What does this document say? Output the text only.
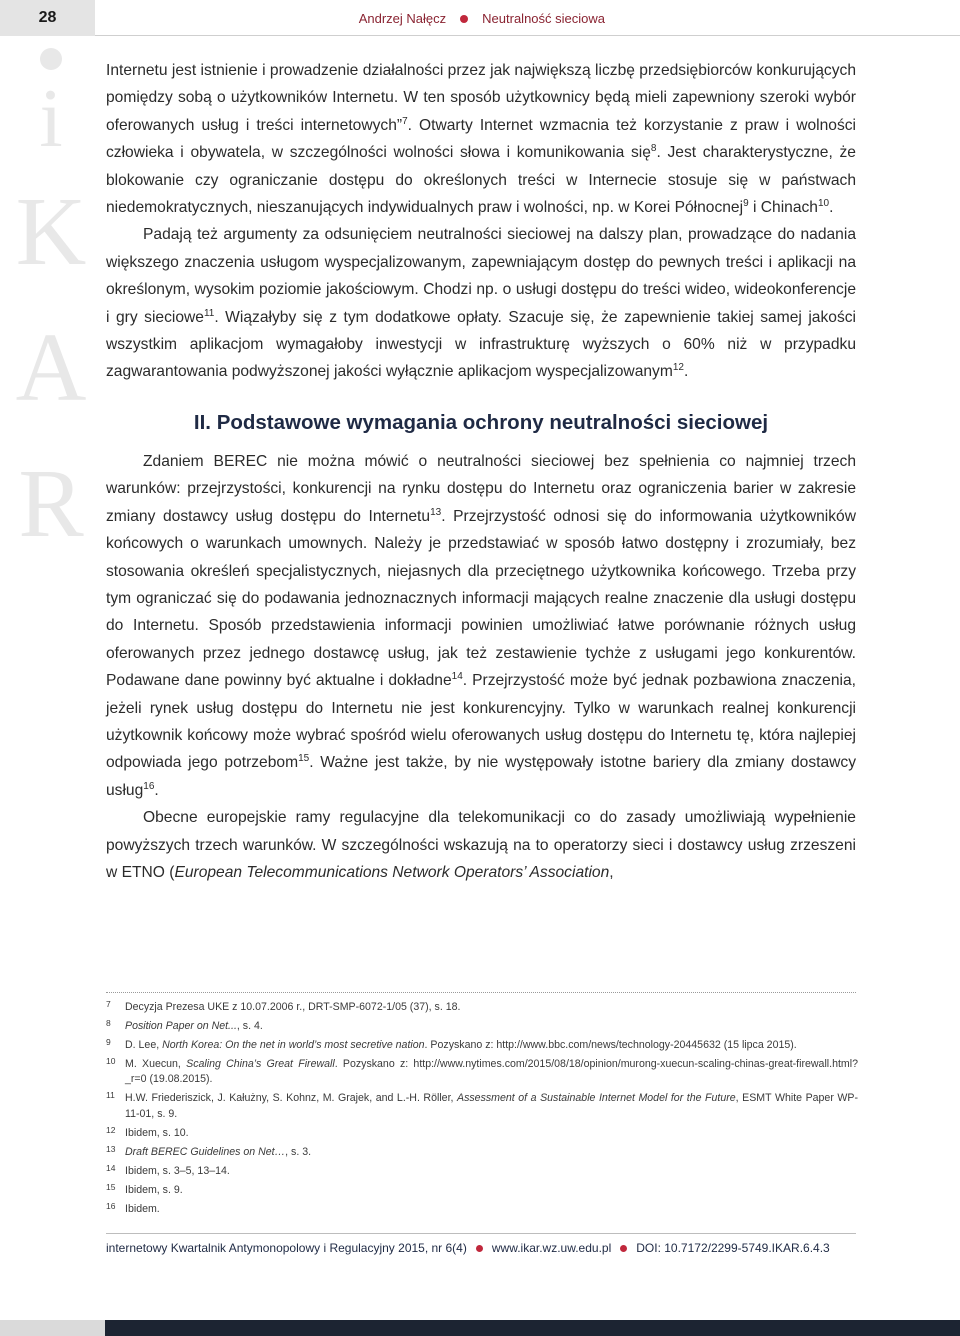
28	Andrzej Nałęcz	Neutralność sieciowa
i
K
A
R

Internetu jest istnienie i prowadzenie działalności przez jak największą liczbę przedsiębiorców konkurujących pomiędzy sobą o użytkowników Internetu. W ten sposób użytkownicy będą mieli zapewniony szeroki wybór oferowanych usług i treści internetowych”$^7$. Otwarty Internet wzmacnia też korzystanie z praw i wolności człowieka i obywatela, w szczególności wolności słowa i komunikowania się$^8$. Jest charakterystyczne, że blokowanie czy ograniczanie dostępu do określonych treści w Internecie stosuje się w państwach niedemokratycznych, nieszanujących indywidualnych praw i wolności, np. w Korei Północnej$^9$ i Chinach$^{10}$.

Padają też argumenty za odsunięciem neutralności sieciowej na dalszy plan, prowadzące do nadania większego znaczenia usługom wyspecjalizowanym, zapewniającym dostęp do pewnych treści i aplikacji na określonym, wysokim poziomie jakościowym. Chodzi np. o usługi dostępu do treści wideo, wideokonferencje i gry sieciowe$^{11}$. Wiązałyby się z tym dodatkowe opłaty. Szacuje się, że zapewnienie takiej samej jakości wszystkim aplikacjom wymagałoby inwestycji w infrastrukturę wyższych o 60% niż w przypadku zagwarantowania podwyższonej jakości wyłącznie aplikacjom wyspecjalizowanym$^{12}$.

II. Podstawowe wymagania ochrony neutralności sieciowej

Zdaniem BEREC nie można mówić o neutralności sieciowej bez spełnienia co najmniej trzech warunków: przejrzystości, konkurencji na rynku dostępu do Internetu oraz ograniczenia barier w zakresie zmiany dostawcy usług dostępu do Internetu$^{13}$. Przejrzystość odnosi się do informowania użytkowników końcowych o warunkach umownych. Należy je przedstawiać w sposób łatwo dostępny i zrozumiały, bez stosowania określeń specjalistycznych, niejasnych dla przeciętnego użytkownika końcowego. Trzeba przy tym ograniczać się do podawania jednoznacznych informacji mających realne znaczenie dla usługi dostępu do Internetu. Sposób przedstawienia informacji powinien umożliwiać łatwe porównanie różnych usług oferowanych przez jednego dostawcę usług, jak też zestawienie tychże z usługami jego konkurentów. Podawane dane powinny być aktualne i dokładne$^{14}$. Przejrzystość może być jednak pozbawiona znaczenia, jeżeli rynek usług dostępu do Internetu nie jest konkurencyjny. Tylko w warunkach realnej konkurencji użytkownik końcowy może wybrać spośród wielu oferowanych usług dostępu do Internetu tę, która najlepiej odpowiada jego potrzebom$^{15}$. Ważne jest także, by nie występowały istotne bariery dla zmiany dostawcy usług$^{16}$.

Obecne europejskie ramy regulacyjne dla telekomunikacji co do zasady umożliwiają wypełnienie powyższych trzech warunków. W szczególności wskazują na to operatorzy sieci i dostawcy usług zrzeszeni w ETNO (European Telecommunications Network Operators’ Association,

7	Decyzja Prezesa UKE z 10.07.2006 r., DRT-SMP-6072-1/05 (37), s. 18.
8	Position Paper on Net..., s. 4.
9	D. Lee, North Korea: On the net in world’s most secretive nation. Pozyskano z: http://www.bbc.com/news/technology-20445632 (15 lipca 2015).
10 M. Xuecun, Scaling China’s Great Firewall. Pozyskano z: http://www.nytimes.com/2015/08/18/opinion/murong-xuecun-scaling-chinas-great-firewall.html?_r=0 (19.08.2015).
11 H.W. Friederiszick, J. Kałużny, S. Kohnz, M. Grajek, and L.-H. Röller, Assessment of a Sustainable Internet Model for the Future, ESMT White Paper WP-11-01, s. 9.
12 Ibidem, s. 10.
13 Draft BEREC Guidelines on Net…, s. 3.
14 Ibidem, s. 3–5, 13–14.
15 Ibidem, s. 9.
16 Ibidem.
internetowy Kwartalnik Antymonopolowy i Regulacyjny 2015, nr 6(4) www.ikar.wz.uw.edu.pl DOI: 10.7172/2299-5749.IKAR.6.4.3
